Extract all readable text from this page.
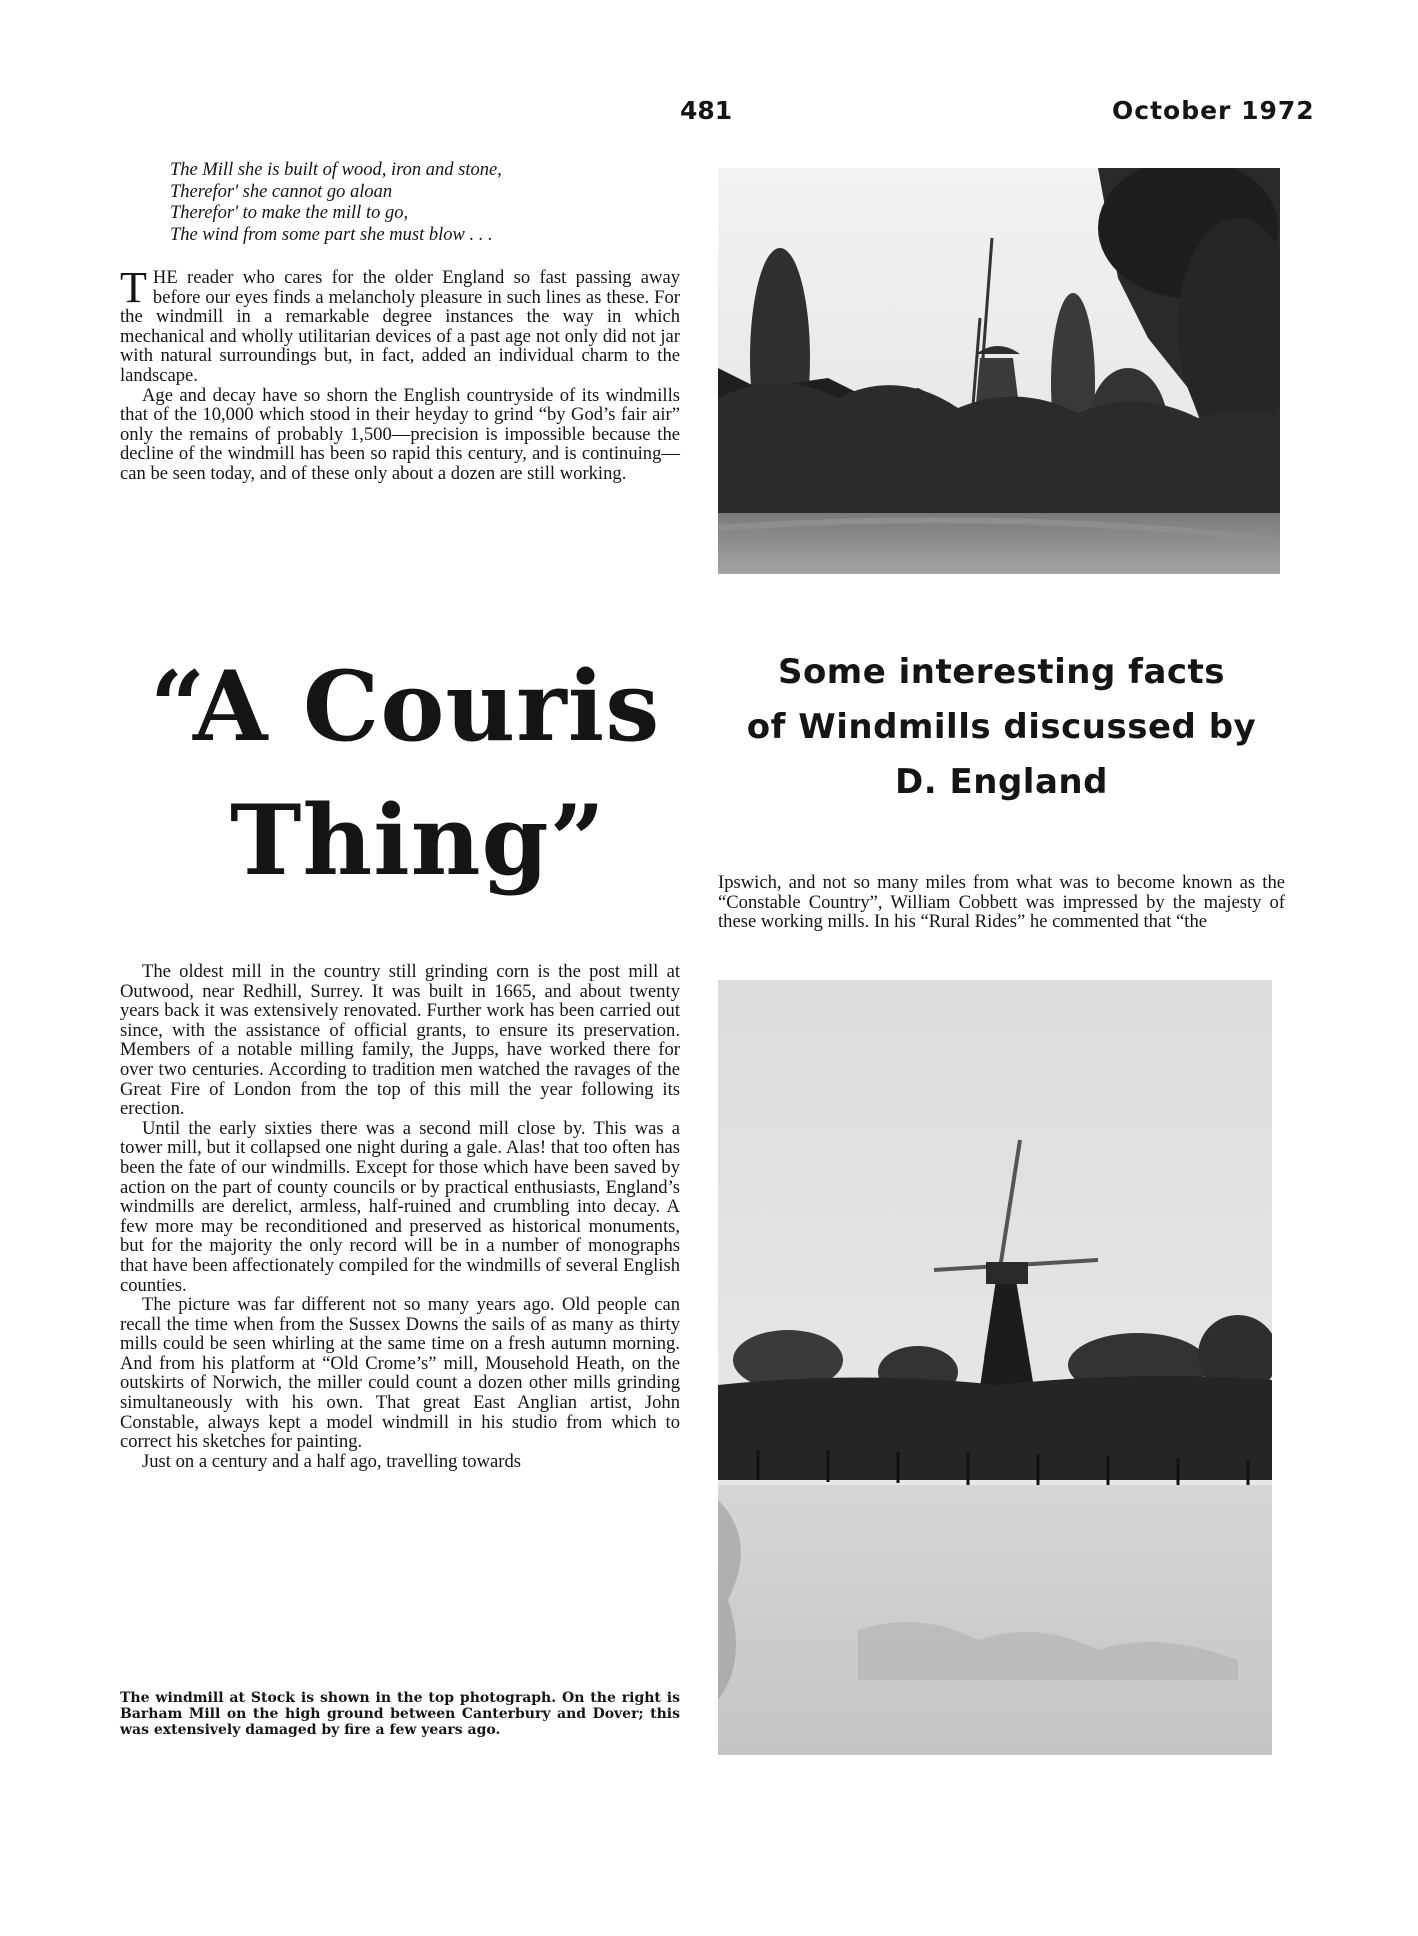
481	October 1972
The Mill she is built of wood, iron and stone,
Therefor' she cannot go aloan
Therefor' to make the mill to go,
The wind from some part she must blow . . .

THE reader who cares for the older England so fast passing away before our eyes finds a melancholy pleasure in such lines as these. For the windmill in a remarkable degree instances the way in which mechanical and wholly utilitarian devices of a past age not only did not jar with natural surroundings but, in fact, added an individual charm to the landscape.

Age and decay have so shorn the English countryside of its windmills that of the 10,000 which stood in their heyday to grind “by God’s fair air” only the remains of probably 1,500—precision is impossible because the decline of the windmill has been so rapid this century, and is continuing—can be seen today, and of these only about a dozen are still working.

“A Couris
Thing”
Some interesting facts
of Windmills discussed by
D. England

Ipswich, and not so many miles from what was to become known as the “Constable Country”, William Cobbett was impressed by the majesty of these working mills. In his “Rural Rides” he commented that “the

The oldest mill in the country still grinding corn is the post mill at Outwood, near Redhill, Surrey. It was built in 1665, and about twenty years back it was extensively renovated. Further work has been carried out since, with the assistance of official grants, to ensure its preservation. Members of a notable milling family, the Jupps, have worked there for over two centuries. According to tradition men watched the ravages of the Great Fire of London from the top of this mill the year following its erection.

Until the early sixties there was a second mill close by. This was a tower mill, but it collapsed one night during a gale. Alas! that too often has been the fate of our windmills. Except for those which have been saved by action on the part of county councils or by practical enthusiasts, England’s windmills are derelict, armless, half-ruined and crumbling into decay. A few more may be reconditioned and preserved as historical monuments, but for the majority the only record will be in a number of monographs that have been affectionately compiled for the windmills of several English counties.

The picture was far different not so many years ago. Old people can recall the time when from the Sussex Downs the sails of as many as thirty mills could be seen whirling at the same time on a fresh autumn morning. And from his platform at “Old Crome’s” mill, Mousehold Heath, on the outskirts of Norwich, the miller could count a dozen other mills grinding simultaneously with his own. That great East Anglian artist, John Constable, always kept a model windmill in his studio from which to correct his sketches for painting.

Just on a century and a half ago, travelling towards

The windmill at Stock is shown in the top photograph. On the right is Barham Mill on the high ground between Canterbury and Dover; this was extensively damaged by fire a few years ago.
